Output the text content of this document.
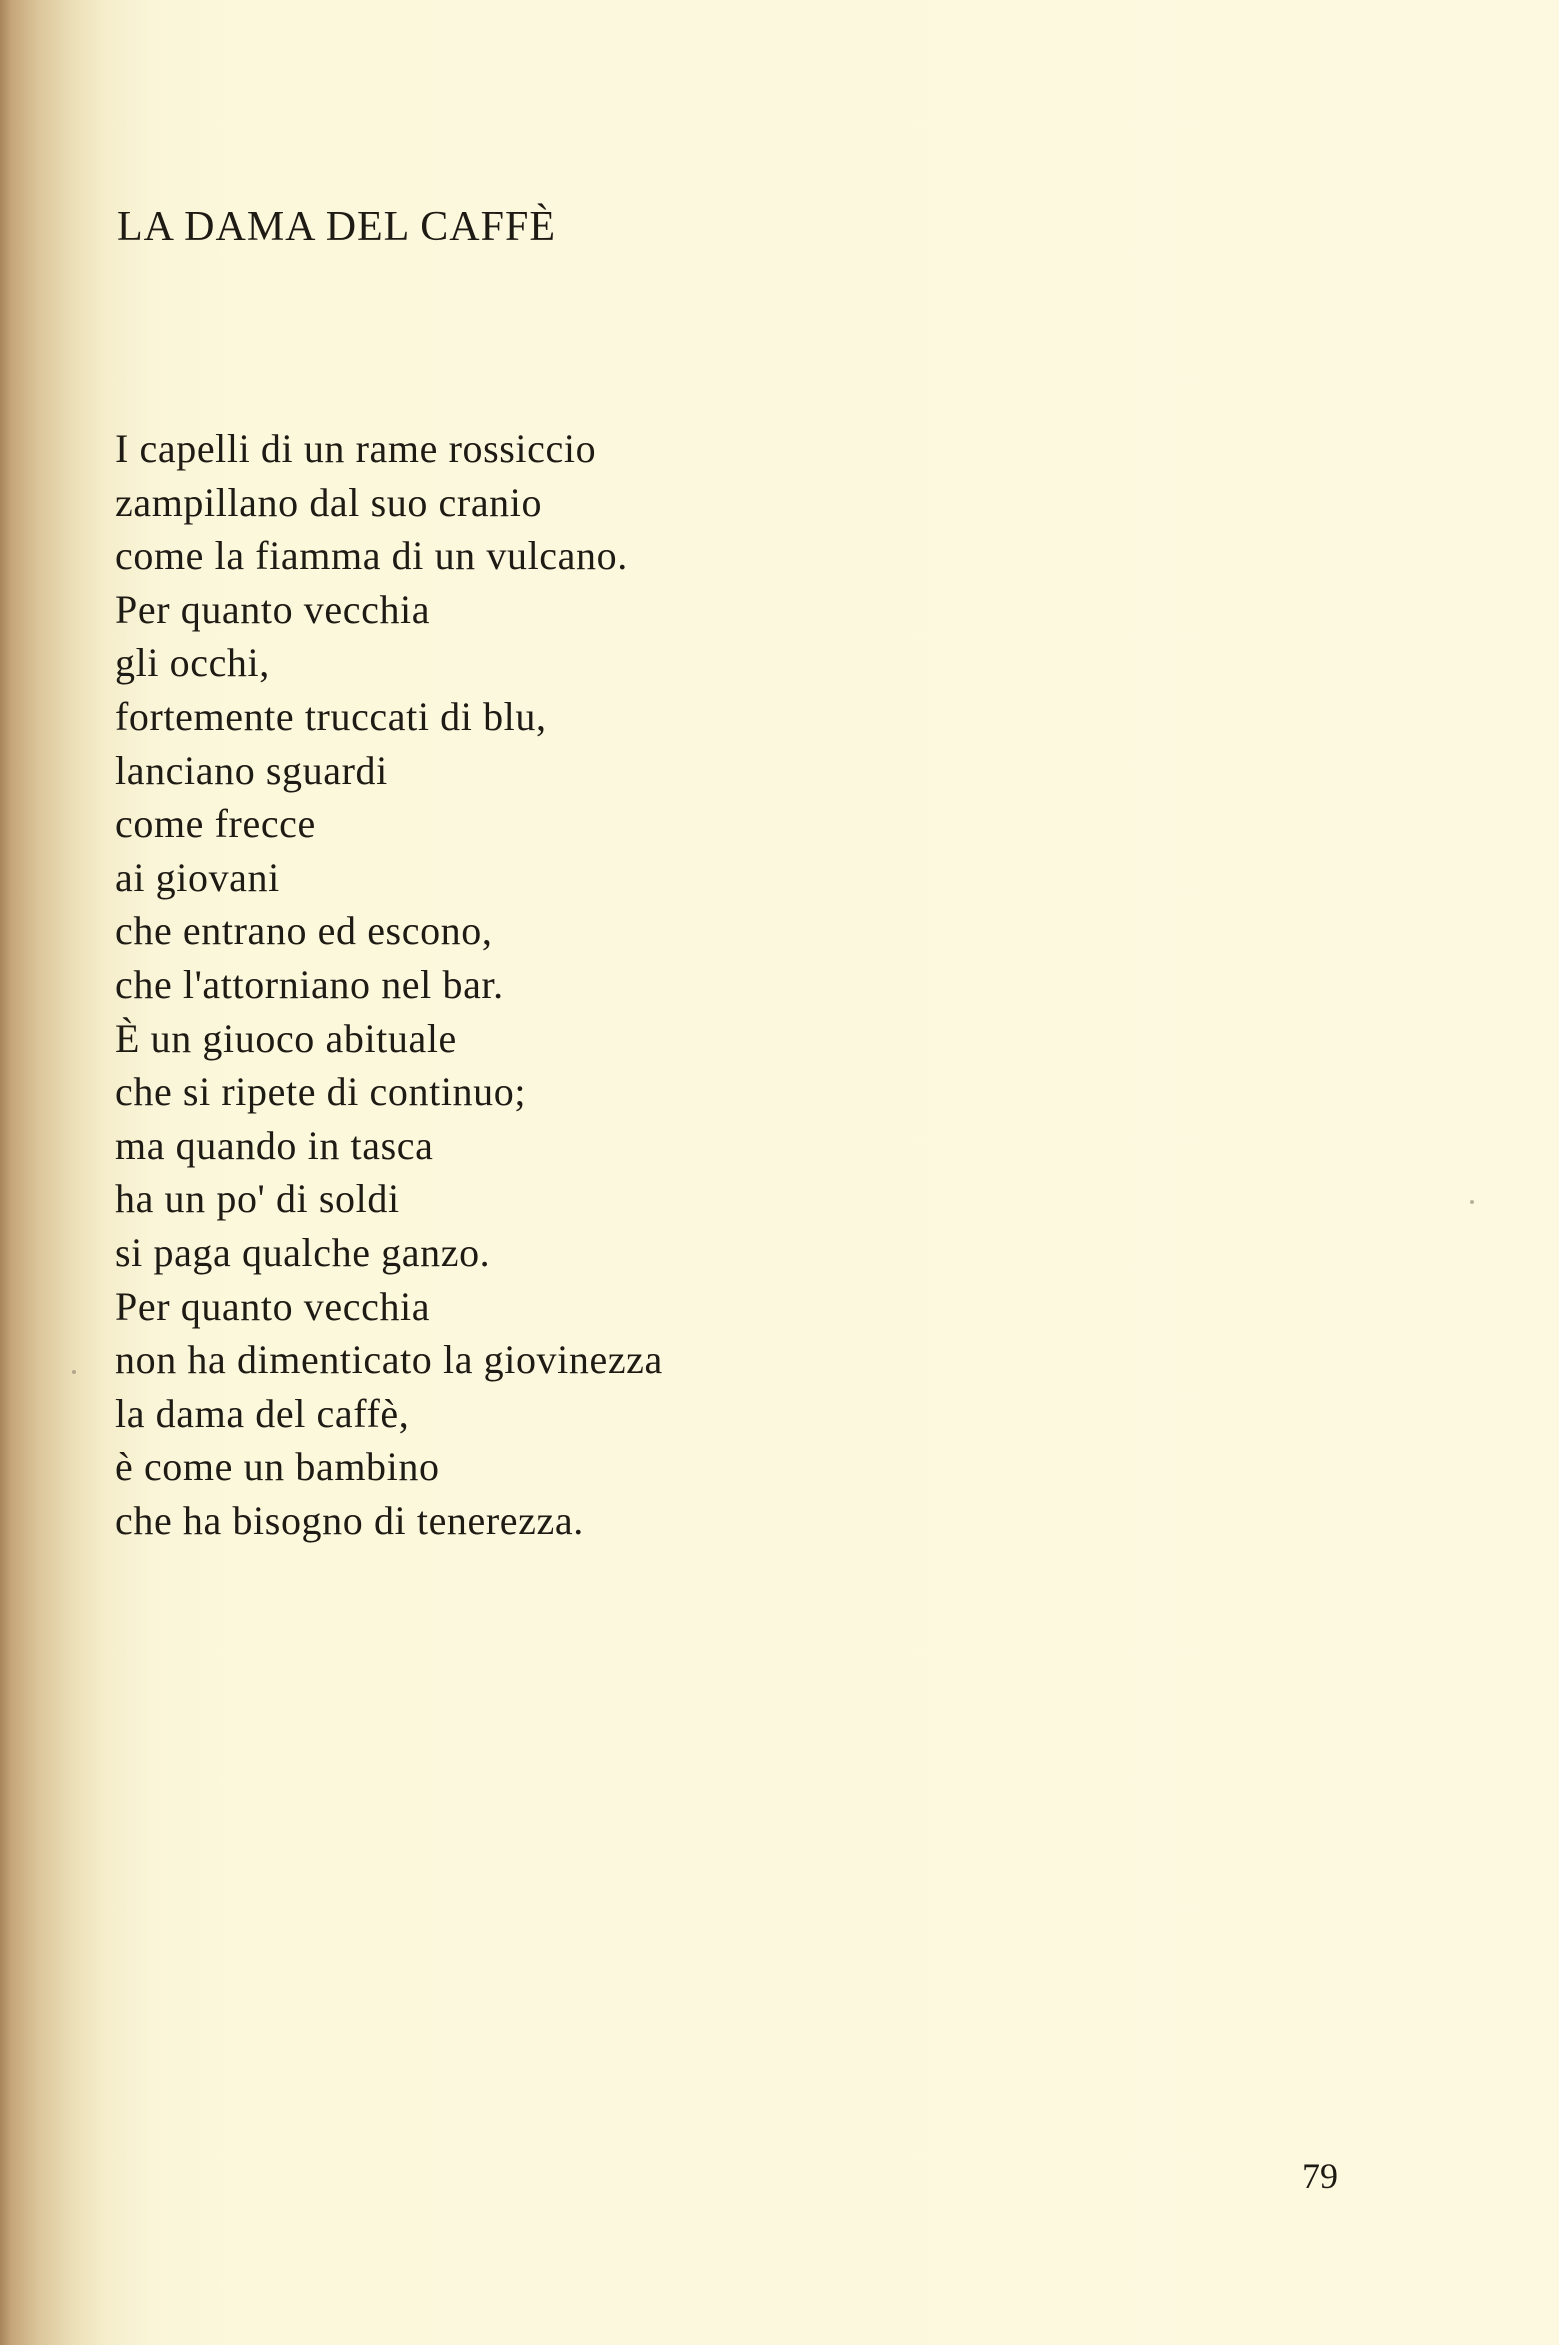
LA DAMA DEL CAFFÈ
I capelli di un rame rossiccio
zampillano dal suo cranio
come la fiamma di un vulcano.
Per quanto vecchia
gli occhi,
fortemente truccati di blu,
lanciano sguardi
come frecce
ai giovani
che entrano ed escono,
che l'attorniano nel bar.
È un giuoco abituale
che si ripete di continuo;
ma quando in tasca
ha un po' di soldi
si paga qualche ganzo.
Per quanto vecchia
non ha dimenticato la giovinezza
la dama del caffè,
è come un bambino
che ha bisogno di tenerezza.
79
